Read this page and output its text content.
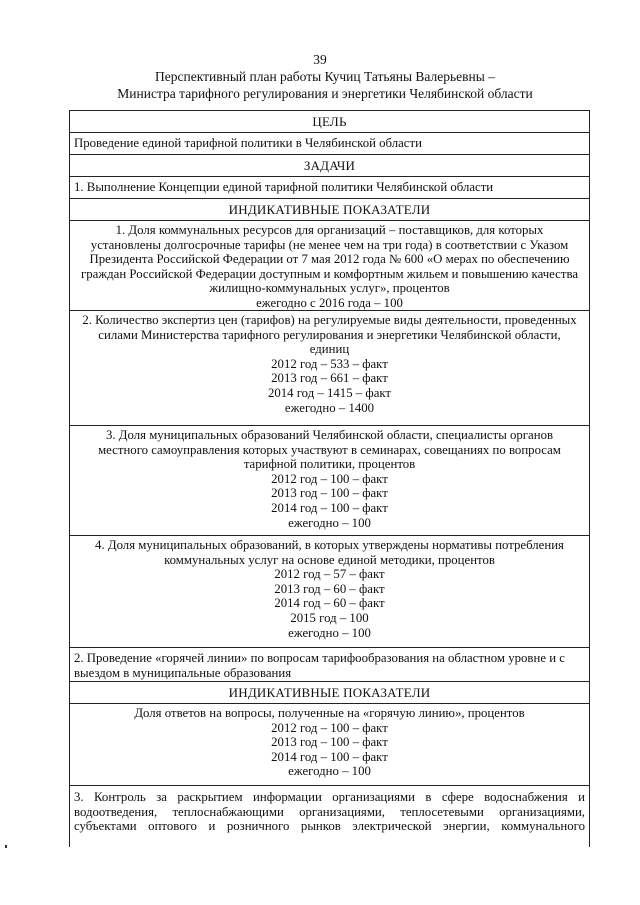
39
Перспективный план работы Кучиц Татьяны Валерьевны –
Министра тарифного регулирования и энергетики Челябинской области
ЦЕЛЬ
Проведение единой тарифной политики в Челябинской области
ЗАДАЧИ
1. Выполнение Концепции единой тарифной политики Челябинской области
ИНДИКАТИВНЫЕ ПОКАЗАТЕЛИ
1. Доля коммунальных ресурсов для организаций – поставщиков, для которых установлены долгосрочные тарифы (не менее чем на три года) в соответствии с Указом Президента Российской Федерации от 7 мая 2012 года № 600 «О мерах по обеспечению граждан Российской Федерации доступным и комфортным жильем и повышению качества жилищно-коммунальных услуг», процентов
ежегодно с 2016 года – 100
2. Количество экспертиз цен (тарифов) на регулируемые виды деятельности, проведенных силами Министерства тарифного регулирования и энергетики Челябинской области, единиц
2012 год – 533 – факт
2013 год – 661 – факт
2014 год – 1415 – факт
ежегодно – 1400
3. Доля муниципальных образований Челябинской области, специалисты органов местного самоуправления которых участвуют в семинарах, совещаниях по вопросам тарифной политики, процентов
2012 год – 100 – факт
2013 год – 100 – факт
2014 год – 100 – факт
ежегодно – 100
4. Доля муниципальных образований, в которых утверждены нормативы потребления коммунальных услуг на основе единой методики, процентов
2012 год – 57 – факт
2013 год – 60 – факт
2014 год – 60 – факт
2015 год – 100
ежегодно – 100
2. Проведение «горячей линии» по вопросам тарифообразования на областном уровне и с выездом в муниципальные образования
ИНДИКАТИВНЫЕ ПОКАЗАТЕЛИ
Доля ответов на вопросы, полученные на «горячую линию», процентов
2012 год – 100 – факт
2013 год – 100 – факт
2014 год – 100 – факт
ежегодно – 100
3. Контроль за раскрытием информации организациями в сфере водоснабжения и
водоотведения, теплоснабжающими организациями, теплосетевыми организациями,
субъектами оптового и розничного рынков электрической энергии, коммунального
